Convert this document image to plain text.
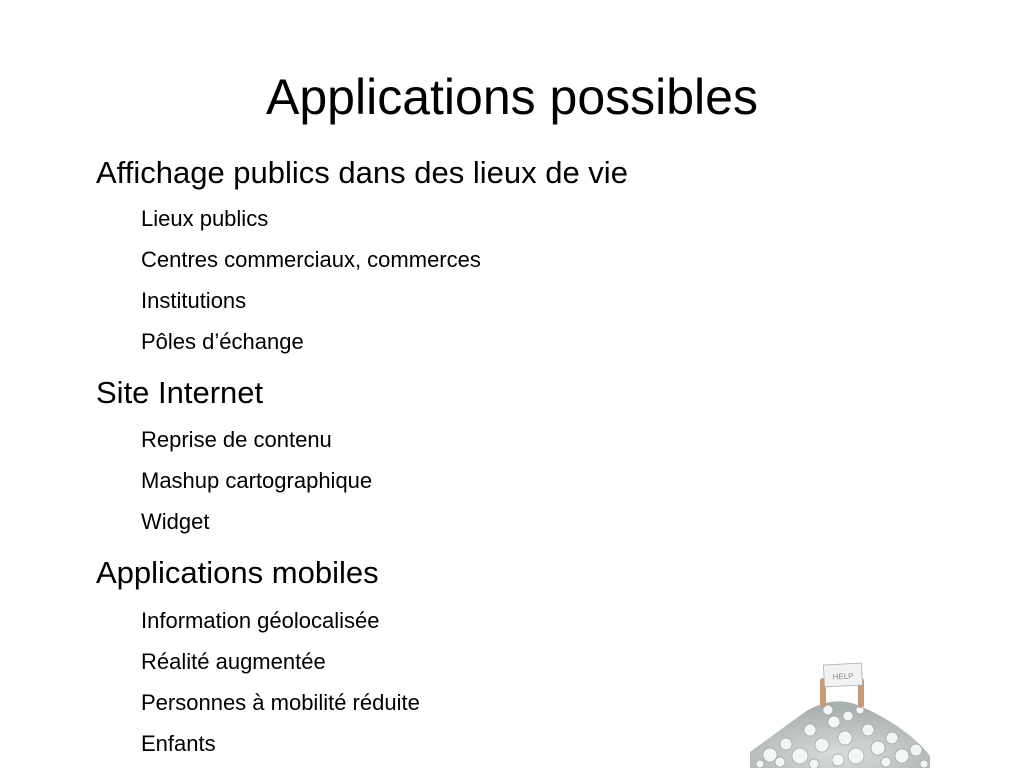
Applications possibles
Affichage publics dans des lieux de vie
Lieux publics
Centres commerciaux, commerces
Institutions
Pôles d’échange
Site Internet
Reprise de contenu
Mashup cartographique
Widget
Applications mobiles
Information géolocalisée
Réalité augmentée
Personnes à mobilité réduite
Enfants
HELP
